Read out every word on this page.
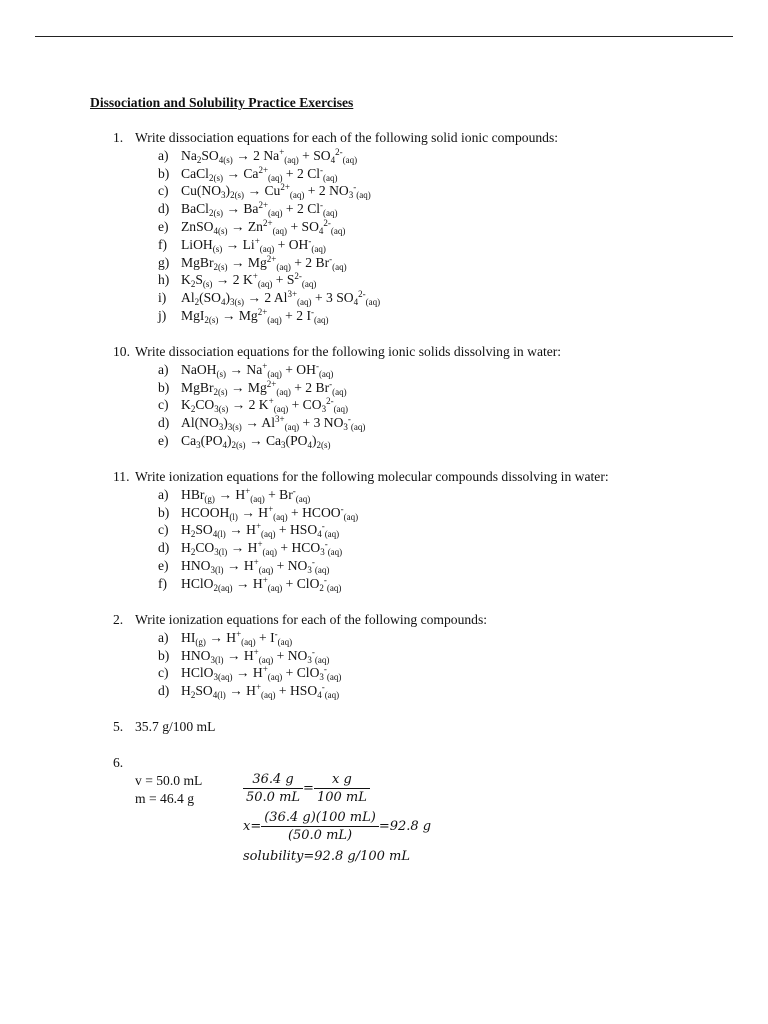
Dissociation and Solubility Practice Exercises
1. Write dissociation equations for each of the following solid ionic compounds:
a) $Na_2SO_{4(s)} \to 2$ $Na^+_{(aq)} + SO_4^{2-}_{(aq)}$
b) CaCl$_{2(s)}$ → $Ca^{2+}_{(aq)} + 2$ $Cl^-_{(aq)}$
c) $Cu(NO_3)_{2(s)} \to Cu^{2+}_{(aq)} + 2$ $NO_3^-_{(aq)}$
d) BaCl$_{2(s)}$ → $Ba^{2+}_{(aq)} + 2$ $Cl^-_{(aq)}$
e) ZnSO$_{4(s)}$ → $Zn^{2+}_{(aq)} + SO_4^{2-}_{(aq)}$
f) LiOH$_{(s)}$ → $Li^+_{(aq)} + OH^-_{(aq)}$
g) MgBr$_{2(s)}$ → $Mg^{2+}_{(aq)} + 2$ $Br^-_{(aq)}$
h) $K_2S_{(s)} \to 2$ $K^+_{(aq)} + S^{2-}_{(aq)}$
i) $Al_2(SO_4)_{3(s)} \to 2$ $Al^{3+}_{(aq)} + 3$ $SO_4^{2-}_{(aq)}$
j) $MgI_{2(s)} \to Mg^{2+}_{(aq)} + 2$ $I^-_{(aq)}$
10. Write dissociation equations for the following ionic solids dissolving in water:
a) NaOH$_{(s)}$ → $Na^+_{(aq)} + OH^-_{(aq)}$
b) MgBr$_{2(s)}$ → $Mg^{2+}_{(aq)} + 2$ $Br^-_{(aq)}$
c) $K_2CO_{3(s)} \to 2$ $K^+_{(aq)} + CO_3^{2-}_{(aq)}$
d) $Al(NO_3)_{3(s)} \to Al^{3+}_{(aq)} + 3$ $NO_3^-_{(aq)}$
e) $Ca_3(PO_4)_{2(s)} \to Ca_3(PO_4)_{2(s)}$
11. Write ionization equations for the following molecular compounds dissolving in water:
a) $HBr_{(g)} \to H^+_{(aq)} + Br^-_{(aq)}$
b) $HCOOH_{(l)} \to H^+_{(aq)}$ + $HCOO^-_{(aq)}$
c) $H_2SO_{4(l)} \to H^+_{(aq)} + HSO_4^-_{(aq)}$
d) $H_2CO_{3(l)} \to H^+_{(aq)} + HCO_3^-_{(aq)}$
e) $HNO_{3(l)} \to H^+_{(aq)} + NO_3^-_{(aq)}$
f) HClO$_{2(aq)}$ → $H^+_{(aq)} + ClO_2^-_{(aq)}$
2. Write ionization equations for each of the following compounds:
a) $HI_{(g)} \to H^+_{(aq)} + I^-_{(aq)}$
b) $HNO_{3(l)} \to H^+_{(aq)} + NO_3^-_{(aq)}$
c) HClO$_{3(aq)}$ → $H^+_{(aq)} + ClO_3^-_{(aq)}$
d) $H_2SO_{4(l)} \to H^+_{(aq)} + HSO_4^-_{(aq)}$
5. 35.7 g/100 mL
6.
v = 50.0 mL
m = 46.4 g	$\frac{36.4 g}{50.0 mL} = \frac{\text{x g}}{100 mL}$
$x= \frac{(36.4 g)(100 mL)}{(50.0 mL)} =92.8$ g
solubility=92.8 g/100 mL
